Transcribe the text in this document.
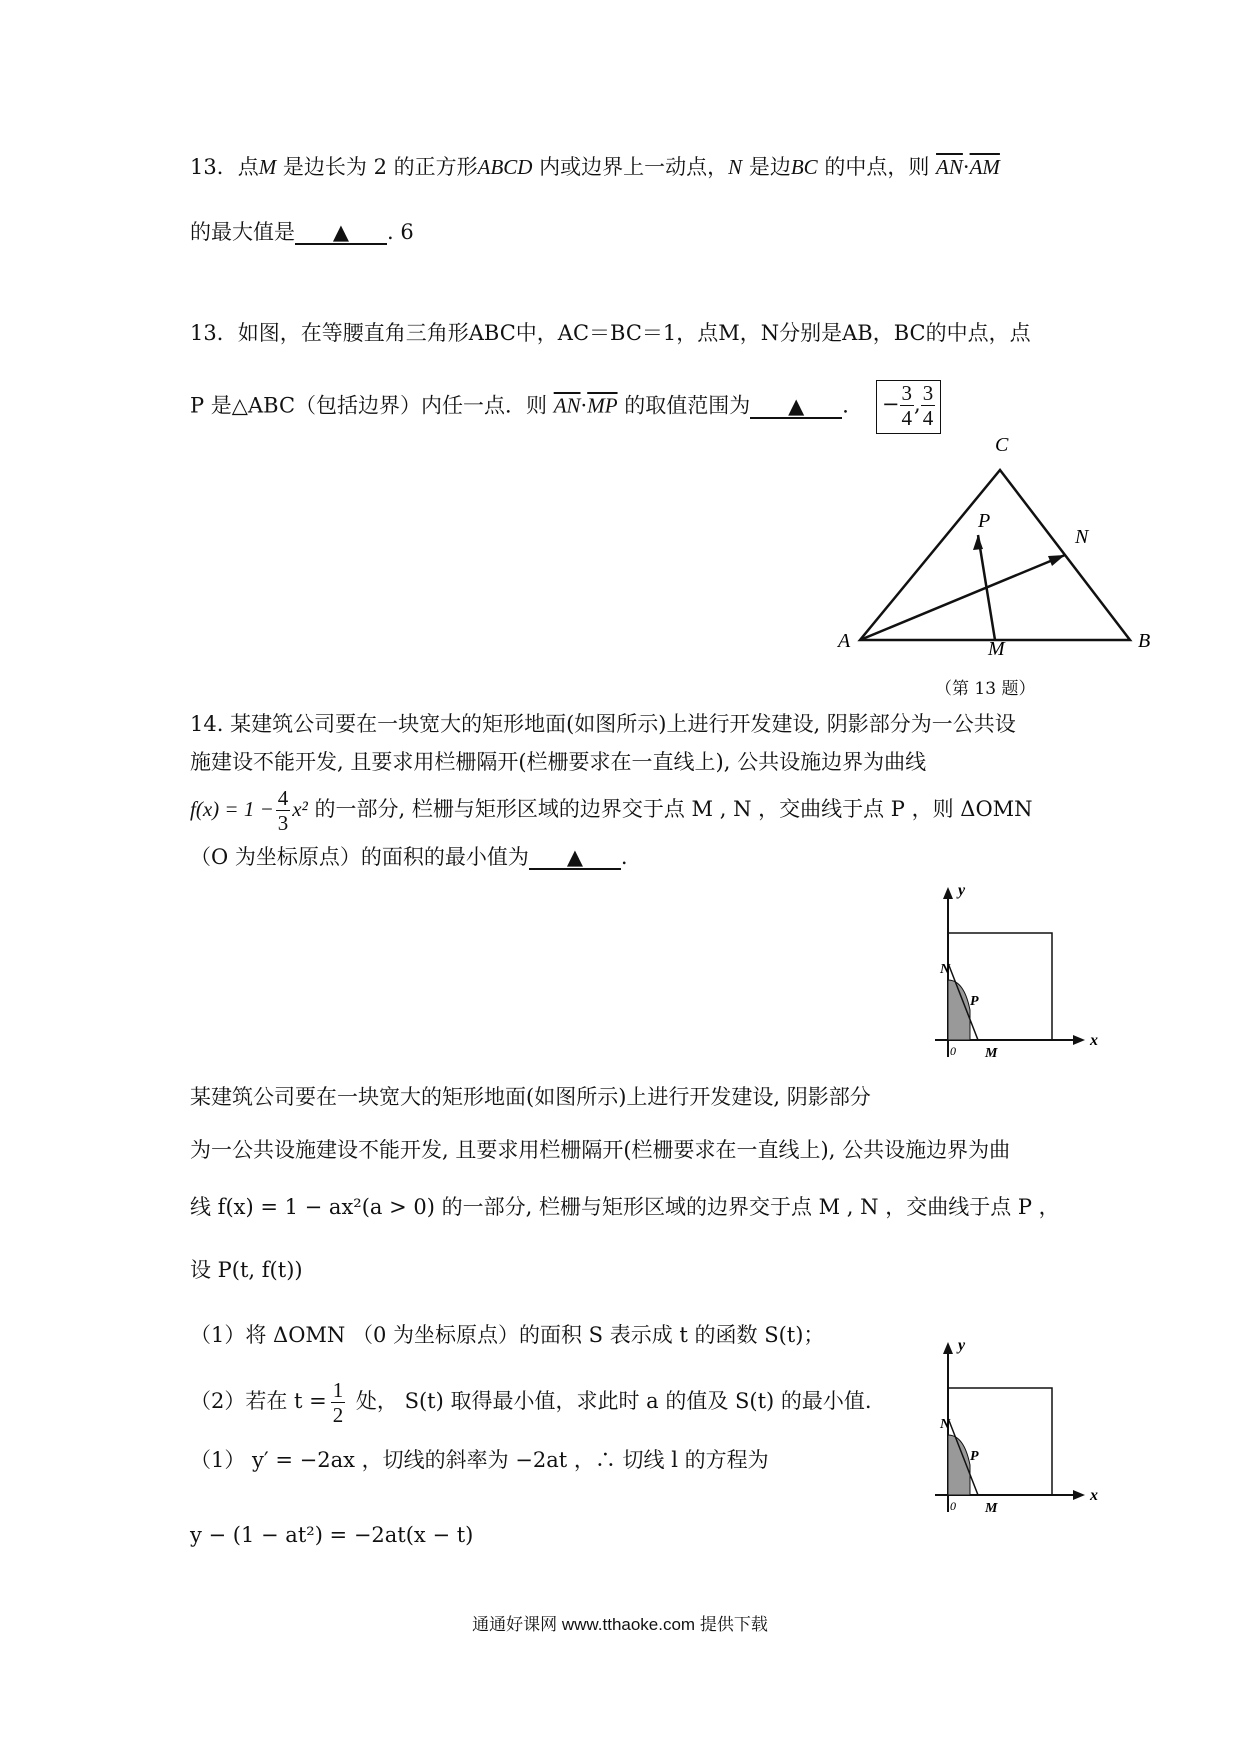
13．点M 是边长为 2 的正方形ABCD 内或边界上一动点，N 是边BC 的中点，则 $\overline{AN}\cdot\overline{AM}$
的最大值是 ▲ . 6
13．如图，在等腰直角三角形ABC中，AC＝BC＝1，点M，N分别是AB，BC的中点，点
P 是△ABC（包括边界）内任一点．则 $\overline{AN}\cdot\overline{MP}$ 的取值范围为 ▲ ． − $\frac{3}{4}$ , $\frac{3}{4}$
C
A	B
M
N
P
（第 13 题）
14. 某建筑公司要在一块宽大的矩形地面(如图所示)上进行开发建设, 阴影部分为一公共设
施建设不能开发, 且要求用栏栅隔开(栏栅要求在一直线上), 公共设施边界为曲线
$f(x) = 1 - \frac{4}{3} x^2$ 的一部分, 栏栅与矩形区域的边界交于点 M , N ，交曲线于点 P ，则 ΔOMN
（O 为坐标原点）的面积的最小值为 ▲ .
y
x
N
P
M
0
某建筑公司要在一块宽大的矩形地面(如图所示)上进行开发建设, 阴影部分
为一公共设施建设不能开发, 且要求用栏栅隔开(栏栅要求在一直线上), 公共设施边界为曲
线 f(x) = 1 − ax²(a > 0) 的一部分, 栏栅与矩形区域的边界交于点 M , N ，交曲线于点 P ，
设 P(t, f(t))
（1）将 ΔOMN （0 为坐标原点）的面积 S 表示成 t 的函数 S(t)；
（2）若在 $t = \frac{1}{2}$ 处， S(t) 取得最小值，求此时 a 的值及 S(t) 的最小值.
（1） y′ = −2ax ，切线的斜率为 −2at ，∴ 切线 l 的方程为
y − (1 − at²) = −2at(x − t)
y
x
N
P
M
0
通通好课网 www.tthaoke.com 提供下载
